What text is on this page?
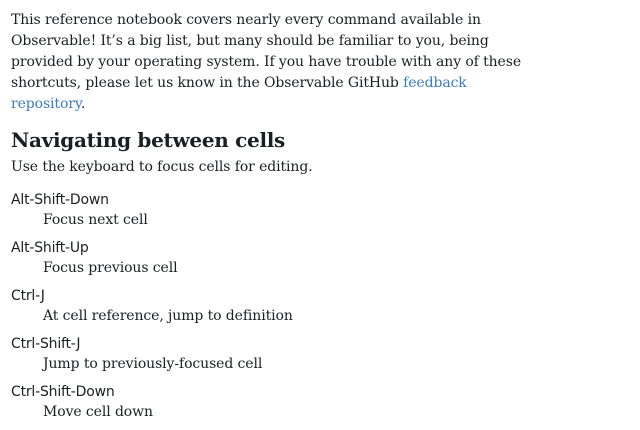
This reference notebook covers nearly every command available in Observable! It’s a big list, but many should be familiar to you, being provided by your operating system. If you have trouble with any of these shortcuts, please let us know in the Observable GitHub feedback repository.

Navigating between cells

Use the keyboard to focus cells for editing.

Alt-Shift-Down
Focus next cell
Alt-Shift-Up
Focus previous cell
Ctrl-J
At cell reference, jump to definition
Ctrl-Shift-J
Jump to previously-focused cell
Ctrl-Shift-Down
Move cell down
